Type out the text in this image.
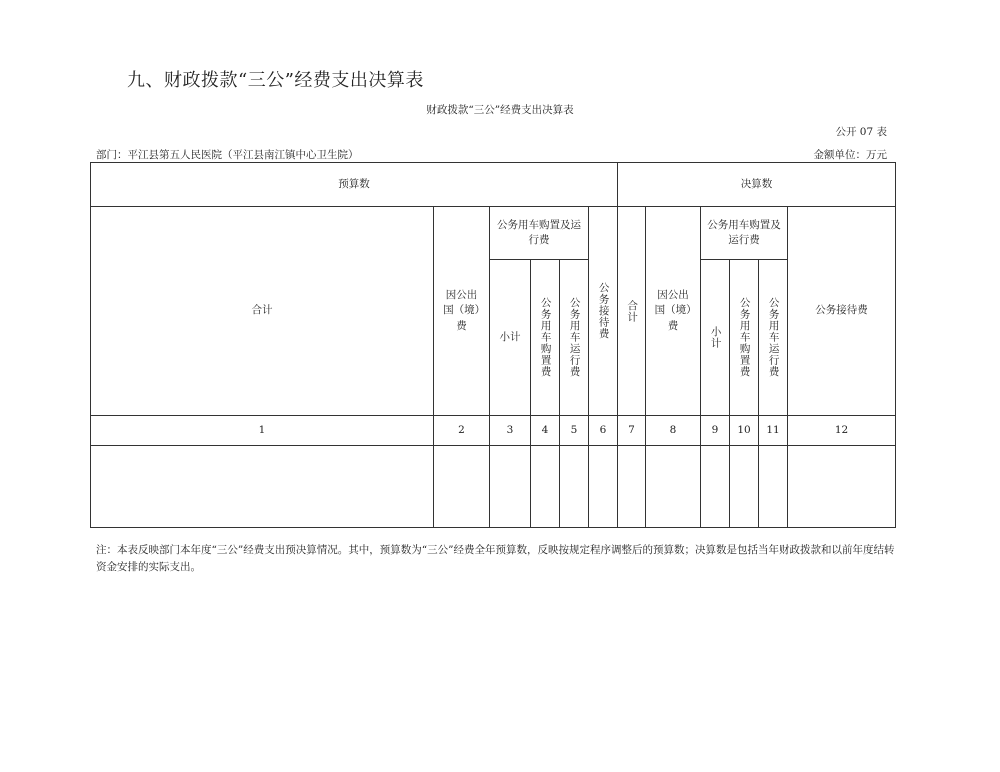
九、财政拨款“三公”经费支出决算表
财政拨款“三公”经费支出决算表
公开 07 表
部门：平江县第五人民医院（平江县南江镇中心卫生院）	金额单位：万元
预算数						决算数					
合计	因公出国（境）费	公务用车购置及运行费			公务接待费	合计	因公出国（境）费	公务用车购置及运行费			公务接待费
		小计	公务用车购置费	公务用车运行费				小计	公务用车购置费	公务用车运行费	

1	2	3	4	5	6	7	8	9	10	11	12

注：本表反映部门本年度“三公”经费支出预决算情况。其中，预算数为“三公”经费全年预算数，反映按规定程序调整后的预算数；决算数是包括当年财政拨款和以前年度结转资金安排的实际支出。
